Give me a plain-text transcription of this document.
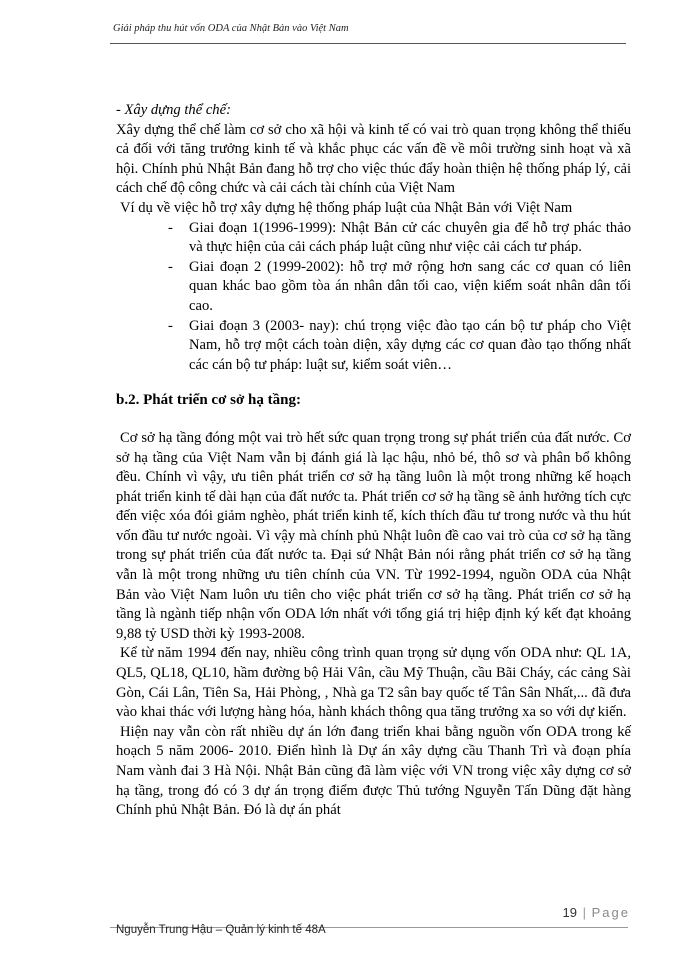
Giải pháp thu hút vốn ODA của Nhật Bản vào Việt Nam

- Xây dựng thể chế:

Xây dựng thể chế làm cơ sở cho xã hội và kinh tế có vai trò quan trọng không thể thiếu cả đối với tăng trưởng kinh tế và khắc phục các vấn đề về môi trường sinh hoạt và xã hội. Chính phủ Nhật Bản đang hỗ trợ cho việc thúc đẩy hoàn thiện hệ thống pháp lý, cải cách chế độ công chức và cải cách tài chính của Việt Nam

Ví dụ về việc hỗ trợ xây dựng hệ thống pháp luật của Nhật Bản với Việt Nam

- Giai đoạn 1(1996-1999): Nhật Bản cử các chuyên gia để hỗ trợ phác thảo và thực hiện của cải cách pháp luật cũng như việc cải cách tư pháp.
- Giai đoạn 2 (1999-2002): hỗ trợ mở rộng hơn sang các cơ quan có liên quan khác bao gồm tòa án nhân dân tối cao, viện kiểm soát nhân dân tối cao.
- Giai đoạn 3 (2003- nay): chú trọng việc đào tạo cán bộ tư pháp cho Việt Nam, hỗ trợ một cách toàn diện, xây dựng các cơ quan đào tạo thống nhất các cán bộ tư pháp: luật sư, kiểm soát viên…

b.2. Phát triển cơ sở hạ tầng:

Cơ sở hạ tầng đóng một vai trò hết sức quan trọng trong sự phát triển của đất nước. Cơ sở hạ tầng của Việt Nam vẫn bị đánh giá là lạc hậu, nhỏ bé, thô sơ và phân bổ không đều. Chính vì vậy, ưu tiên phát triển cơ sở hạ tầng luôn là một trong những kế hoạch phát triển kinh tế dài hạn của đất nước ta. Phát triển cơ sở hạ tầng sẽ ảnh hưởng tích cực đến việc xóa đói giảm nghèo, phát triển kinh tế, kích thích đầu tư trong nước và thu hút vốn đầu tư nước ngoài. Vì vậy mà chính phủ Nhật luôn đề cao vai trò của cơ sở hạ tầng trong sự phát triển của đất nước ta. Đại sứ Nhật Bản nói rằng phát triển cơ sở hạ tầng vẫn là một trong những ưu tiên chính của VN. Từ 1992-1994, nguồn ODA của Nhật Bản vào Việt Nam luôn ưu tiên cho việc phát triển cơ sở hạ tầng. Phát triển cơ sở hạ tầng là ngành tiếp nhận vốn ODA lớn nhất với tổng giá trị hiệp định ký kết đạt khoảng 9,88 tỷ USD thời kỳ 1993-2008.

Kể từ năm 1994 đến nay, nhiều công trình quan trọng sử dụng vốn ODA như: QL 1A, QL5, QL18, QL10, hầm đường bộ Hải Vân, cầu Mỹ Thuận, cầu Bãi Cháy, các cảng Sài Gòn, Cái Lân, Tiên Sa, Hải Phòng, , Nhà ga T2 sân bay quốc tế Tân Sân Nhất,... đã đưa vào khai thác với lượng hàng hóa, hành khách thông qua tăng trưởng xa so với dự kiến.

Hiện nay vẫn còn rất nhiều dự án lớn đang triển khai bằng nguồn vốn ODA trong kế hoạch 5 năm 2006- 2010. Điển hình là Dự án xây dựng cầu Thanh Trì và đoạn phía Nam vành đai 3 Hà Nội. Nhật Bản cũng đã làm việc với VN trong việc xây dựng cơ sở hạ tầng, trong đó có 3 dự án trọng điểm được Thủ tướng Nguyễn Tấn Dũng đặt hàng Chính phủ Nhật Bản. Đó là dự án phát

19 | Page
Nguyễn Trung Hậu – Quản lý kinh tế 48A
